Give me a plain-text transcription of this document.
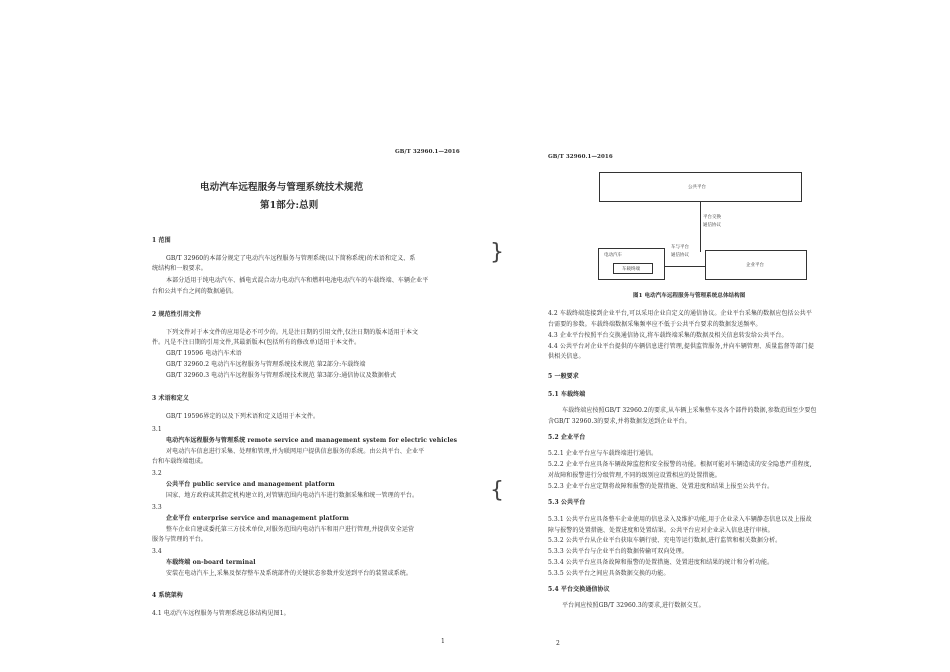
GB/T 32960.1—2016
电动汽车远程服务与管理系统技术规范
第1部分:总则
1 范围
GB/T 32960的本部分规定了电动汽车远程服务与管理系统(以下简称系统)的术语和定义、系
统结构和一般要求。
本部分适用于纯电动汽车、插电式混合动力电动汽车和燃料电池电动汽车的车载终端、车辆企业平
台和公共平台之间的数据通信。
2 规范性引用文件
下列文件对于本文件的应用是必不可少的。凡是注日期的引用文件,仅注日期的版本适用于本文
件。凡是不注日期的引用文件,其最新版本(包括所有的修改单)适用于本文件。
GB/T 19596 电动汽车术语
GB/T 32960.2 电动汽车远程服务与管理系统技术规范 第2部分:车载终端
GB/T 32960.3 电动汽车远程服务与管理系统技术规范 第3部分:通信协议及数据格式
3 术语和定义
GB/T 19596界定的以及下列术语和定义适用于本文件。
3.1
电动汽车远程服务与管理系统 remote service and management system for electric vehicles
对电动汽车信息进行采集、处理和管理,并为联网用户提供信息服务的系统。由公共平台、企业平
台和车载终端组成。
3.2
公共平台 public service and management platform
国家、地方政府或其指定机构建立的,对管辖范围内电动汽车进行数据采集和统一管理的平台。
3.3
企业平台 enterprise service and management platform
整车企业自建或委托第三方技术单位,对服务范围内电动汽车和用户进行管理,并提供安全运营
服务与管理的平台。
3.4
车载终端 on-board terminal
安装在电动汽车上,采集及保存整车及系统部件的关键状态参数并发送到平台的装置或系统。
4 系统架构
4.1 电动汽车远程服务与管理系统总体结构见图1。
1
}
{
GB/T 32960.1—2016
公共平台
平台交换
通信协议
电动汽车
车载终端
车与平台
通信协议
企业平台
图1 电动汽车远程服务与管理系统总体结构图
4.2 车载终端连接到企业平台,可以采用企业自定义的通信协议。企业平台采集的数据应包括公共平
台需要的参数。车载终端数据采集频率应不低于公共平台要求的数据发送频率。
4.3 企业平台按照平台交换通信协议,将车载终端采集的数据及相关信息转发给公共平台。
4.4 公共平台对企业平台提供的车辆信息进行管理,提供监管服务,并向车辆管理、质量监督等部门提
供相关信息。
5 一般要求
5.1 车载终端
车载终端应按照GB/T 32960.2的要求,从车辆上采集整车及各个部件的数据,参数范围至少要包
含GB/T 32960.3的要求,并将数据发送到企业平台。
5.2 企业平台
5.2.1 企业平台应与车载终端进行通信。
5.2.2 企业平台应具备车辆故障监控和安全报警的功能。根据可能对车辆造成的安全隐患严重程度,
对故障和报警进行分级管理,不同的级别应设置相应的处置措施。
5.2.3 企业平台应定期将故障和报警的处置措施、处置进度和结果上报至公共平台。
5.3 公共平台
5.3.1 公共平台应具备整车企业使用的信息录入及维护功能,用于企业录入车辆静态信息以及上报故
障与报警的处置措施、处置进度和处置结果。公共平台应对企业录入信息进行审核。
5.3.2 公共平台从企业平台获取车辆行驶、充电等运行数据,进行监管和相关数据分析。
5.3.3 公共平台与企业平台的数据传输可双向处理。
5.3.4 公共平台应具备故障和报警的处置措施、处置进度和结果的统计和分析功能。
5.3.5 公共平台之间应具备数据交换的功能。
5.4 平台交换通信协议
平台间应按照GB/T 32960.3的要求,进行数据交互。
2
